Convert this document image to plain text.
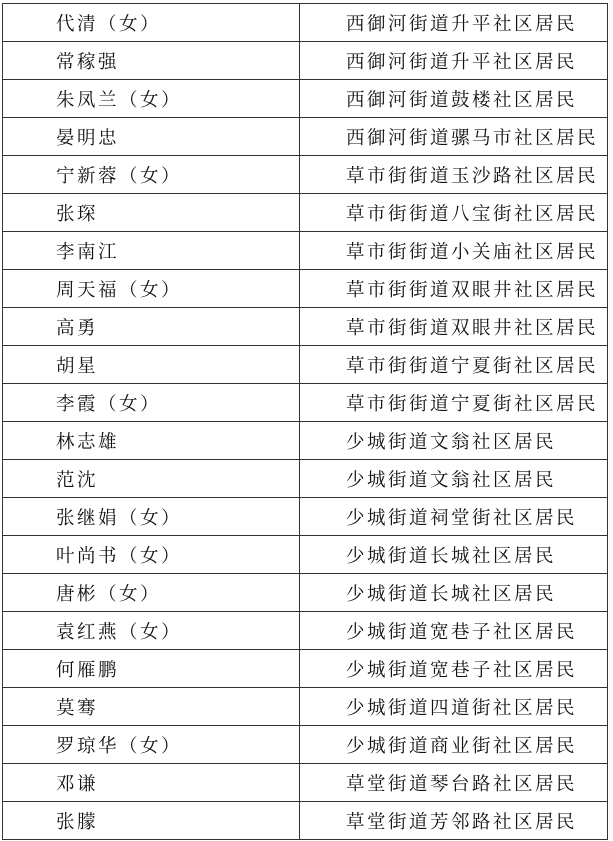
代清（女）	西御河街道升平社区居民
常稼强	西御河街道升平社区居民
朱凤兰（女）	西御河街道鼓楼社区居民
晏明忠	西御河街道骡马市社区居民
宁新蓉（女）	草市街街道玉沙路社区居民
张琛	草市街街道八宝街社区居民
李南江	草市街街道小关庙社区居民
周天福（女）	草市街街道双眼井社区居民
高勇	草市街街道双眼井社区居民
胡星	草市街街道宁夏街社区居民
李霞（女）	草市街街道宁夏街社区居民
林志雄	少城街道文翁社区居民
范沈	少城街道文翁社区居民
张继娟（女）	少城街道祠堂街社区居民
叶尚书（女）	少城街道长城社区居民
唐彬（女）	少城街道长城社区居民
袁红燕（女）	少城街道宽巷子社区居民
何雁鹏	少城街道宽巷子社区居民
莫骞	少城街道四道街社区居民
罗琼华（女）	少城街道商业街社区居民
邓谦	草堂街道琴台路社区居民
张朦	草堂街道芳邻路社区居民
